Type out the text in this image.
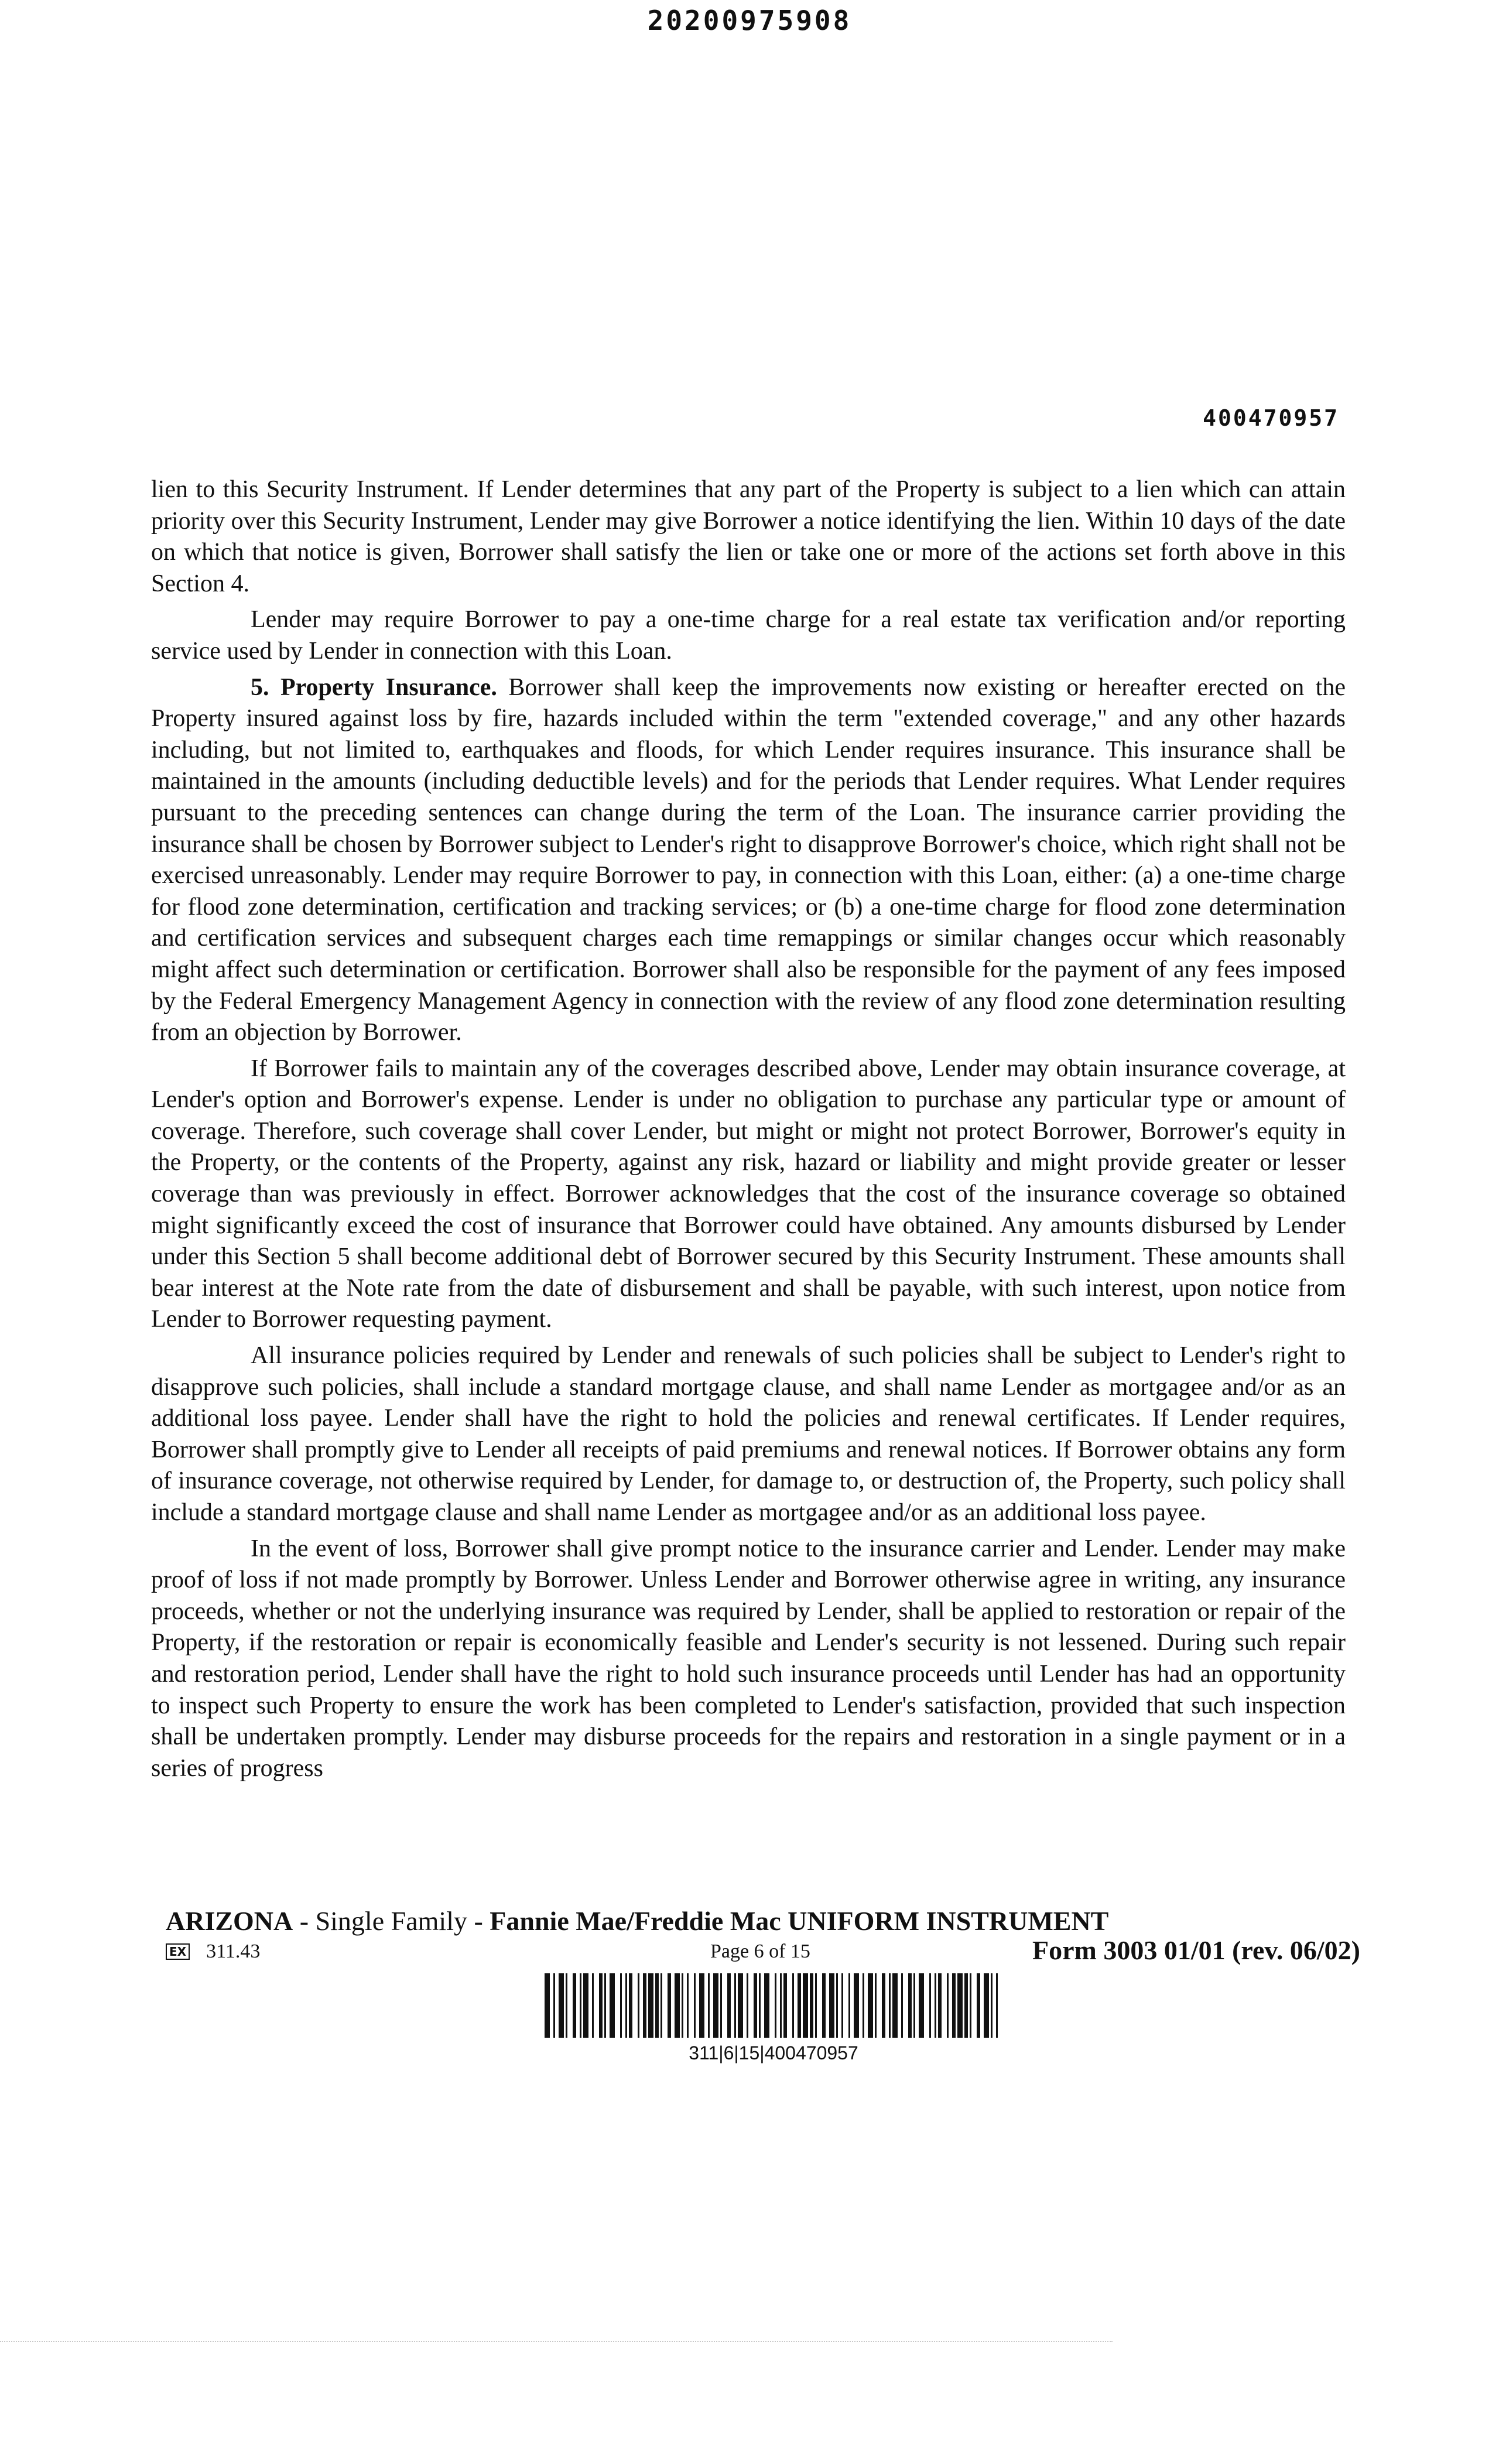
20200975908

400470957

lien to this Security Instrument. If Lender determines that any part of the Property is subject to a lien which can attain priority over this Security Instrument, Lender may give Borrower a notice identifying the lien. Within 10 days of the date on which that notice is given, Borrower shall satisfy the lien or take one or more of the actions set forth above in this Section 4.

Lender may require Borrower to pay a one-time charge for a real estate tax verification and/or reporting service used by Lender in connection with this Loan.

5. Property Insurance. Borrower shall keep the improvements now existing or hereafter erected on the Property insured against loss by fire, hazards included within the term "extended coverage," and any other hazards including, but not limited to, earthquakes and floods, for which Lender requires insurance. This insurance shall be maintained in the amounts (including deductible levels) and for the periods that Lender requires. What Lender requires pursuant to the preceding sentences can change during the term of the Loan. The insurance carrier providing the insurance shall be chosen by Borrower subject to Lender's right to disapprove Borrower's choice, which right shall not be exercised unreasonably. Lender may require Borrower to pay, in connection with this Loan, either: (a) a one-time charge for flood zone determination, certification and tracking services; or (b) a one-time charge for flood zone determination and certification services and subsequent charges each time remappings or similar changes occur which reasonably might affect such determination or certification. Borrower shall also be responsible for the payment of any fees imposed by the Federal Emergency Management Agency in connection with the review of any flood zone determination resulting from an objection by Borrower.

If Borrower fails to maintain any of the coverages described above, Lender may obtain insurance coverage, at Lender's option and Borrower's expense. Lender is under no obligation to purchase any particular type or amount of coverage. Therefore, such coverage shall cover Lender, but might or might not protect Borrower, Borrower's equity in the Property, or the contents of the Property, against any risk, hazard or liability and might provide greater or lesser coverage than was previously in effect. Borrower acknowledges that the cost of the insurance coverage so obtained might significantly exceed the cost of insurance that Borrower could have obtained. Any amounts disbursed by Lender under this Section 5 shall become additional debt of Borrower secured by this Security Instrument. These amounts shall bear interest at the Note rate from the date of disbursement and shall be payable, with such interest, upon notice from Lender to Borrower requesting payment.

All insurance policies required by Lender and renewals of such policies shall be subject to Lender's right to disapprove such policies, shall include a standard mortgage clause, and shall name Lender as mortgagee and/or as an additional loss payee. Lender shall have the right to hold the policies and renewal certificates. If Lender requires, Borrower shall promptly give to Lender all receipts of paid premiums and renewal notices. If Borrower obtains any form of insurance coverage, not otherwise required by Lender, for damage to, or destruction of, the Property, such policy shall include a standard mortgage clause and shall name Lender as mortgagee and/or as an additional loss payee.

In the event of loss, Borrower shall give prompt notice to the insurance carrier and Lender. Lender may make proof of loss if not made promptly by Borrower. Unless Lender and Borrower otherwise agree in writing, any insurance proceeds, whether or not the underlying insurance was required by Lender, shall be applied to restoration or repair of the Property, if the restoration or repair is economically feasible and Lender's security is not lessened. During such repair and restoration period, Lender shall have the right to hold such insurance proceeds until Lender has had an opportunity to inspect such Property to ensure the work has been completed to Lender's satisfaction, provided that such inspection shall be undertaken promptly. Lender may disburse proceeds for the repairs and restoration in a single payment or in a series of progress

ARIZONA - Single Family - Fannie Mae/Freddie Mac UNIFORM INSTRUMENT

EX 311.43	Page 6 of 15	Form 3003 01/01 (rev. 06/02)

311|6|15|400470957
